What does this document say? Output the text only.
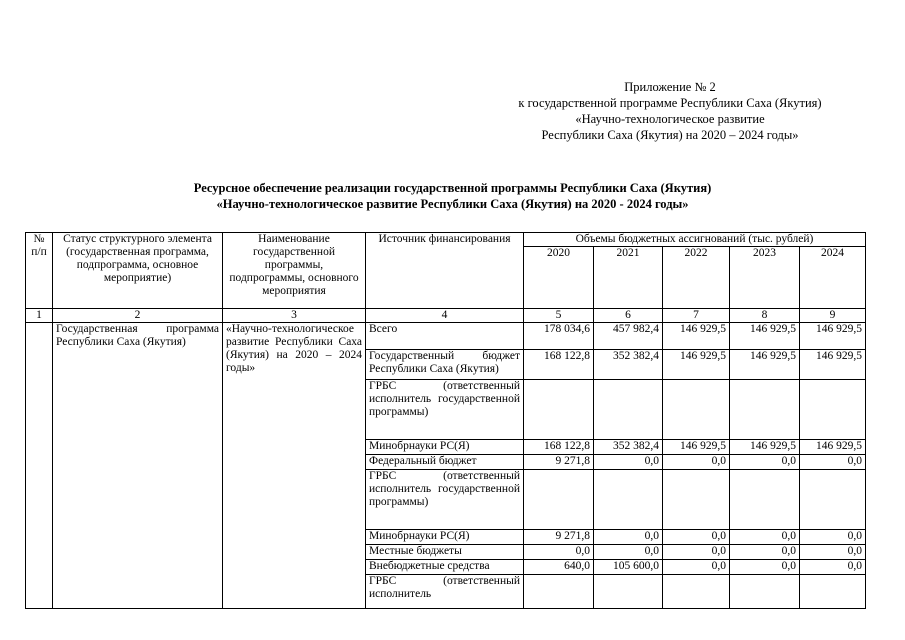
Приложение № 2
к государственной программе Республики Саха (Якутия)
«Научно-технологическое развитие
Республики Саха (Якутия) на 2020 – 2024 годы»
Ресурсное обеспечение реализации государственной программы Республики Саха (Якутия)
«Научно-технологическое развитие Республики Саха (Якутия) на 2020 - 2024 годы»
№ п/п	Статус структурного элемента (государственная программа, подпрограмма, основное мероприятие)	Наименование государственной программы, подпрограммы, основного мероприятия	Источник финансирования	Объемы бюджетных ассигнований (тыс. рублей)				
				2020	2021	2022	2023	2024
1	2	3	4	5	6	7	8	9
	Государственная программа Республики Саха (Якутия)	«Научно-технологическое развитие Республики Саха (Якутия) на 2020 – 2024 годы»	Всего	178 034,6	457 982,4	146 929,5	146 929,5	146 929,5
			Государственный бюджет Республики Саха (Якутия)	168 122,8	352 382,4	146 929,5	146 929,5	146 929,5
			ГРБС (ответственный исполнитель государственной программы)					
			Минобрнауки РС(Я)	168 122,8	352 382,4	146 929,5	146 929,5	146 929,5
			Федеральный бюджет	9 271,8	0,0	0,0	0,0	0,0
			ГРБС (ответственный исполнитель государственной программы)					
			Минобрнауки РС(Я)	9 271,8	0,0	0,0	0,0	0,0
			Местные бюджеты	0,0	0,0	0,0	0,0	0,0
			Внебюджетные средства	640,0	105 600,0	0,0	0,0	0,0
			ГРБС (ответственный исполнитель					
